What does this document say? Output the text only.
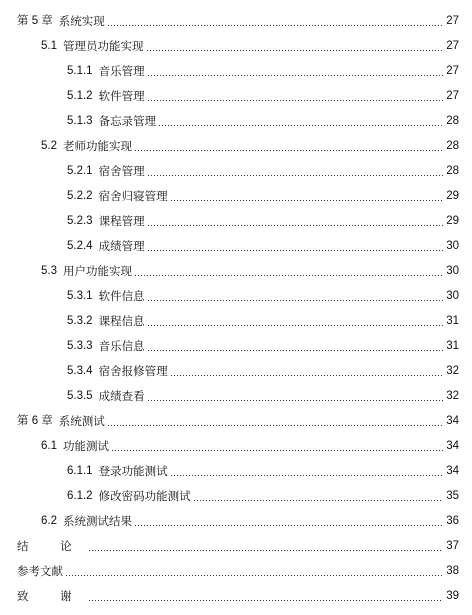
第 5 章 系统实现	27
5.1 管理员功能实现	27
5.1.1 音乐管理	27
5.1.2 软件管理	27
5.1.3 备忘录管理	28
5.2 老师功能实现	28
5.2.1 宿舍管理	28
5.2.2 宿舍归寝管理	29
5.2.3 课程管理	29
5.2.4 成绩管理	30
5.3 用户功能实现	30
5.3.1 软件信息	30
5.3.2 课程信息	31
5.3.3 音乐信息	31
5.3.4 宿舍报修管理	32
5.3.5 成绩查看	32
第 6 章 系统测试	34
6.1 功能测试	34
6.1.1 登录功能测试	34
6.1.2 修改密码功能测试	35
6.2 系统测试结果	36
结 论	37
参考文献	38
致 谢	39
